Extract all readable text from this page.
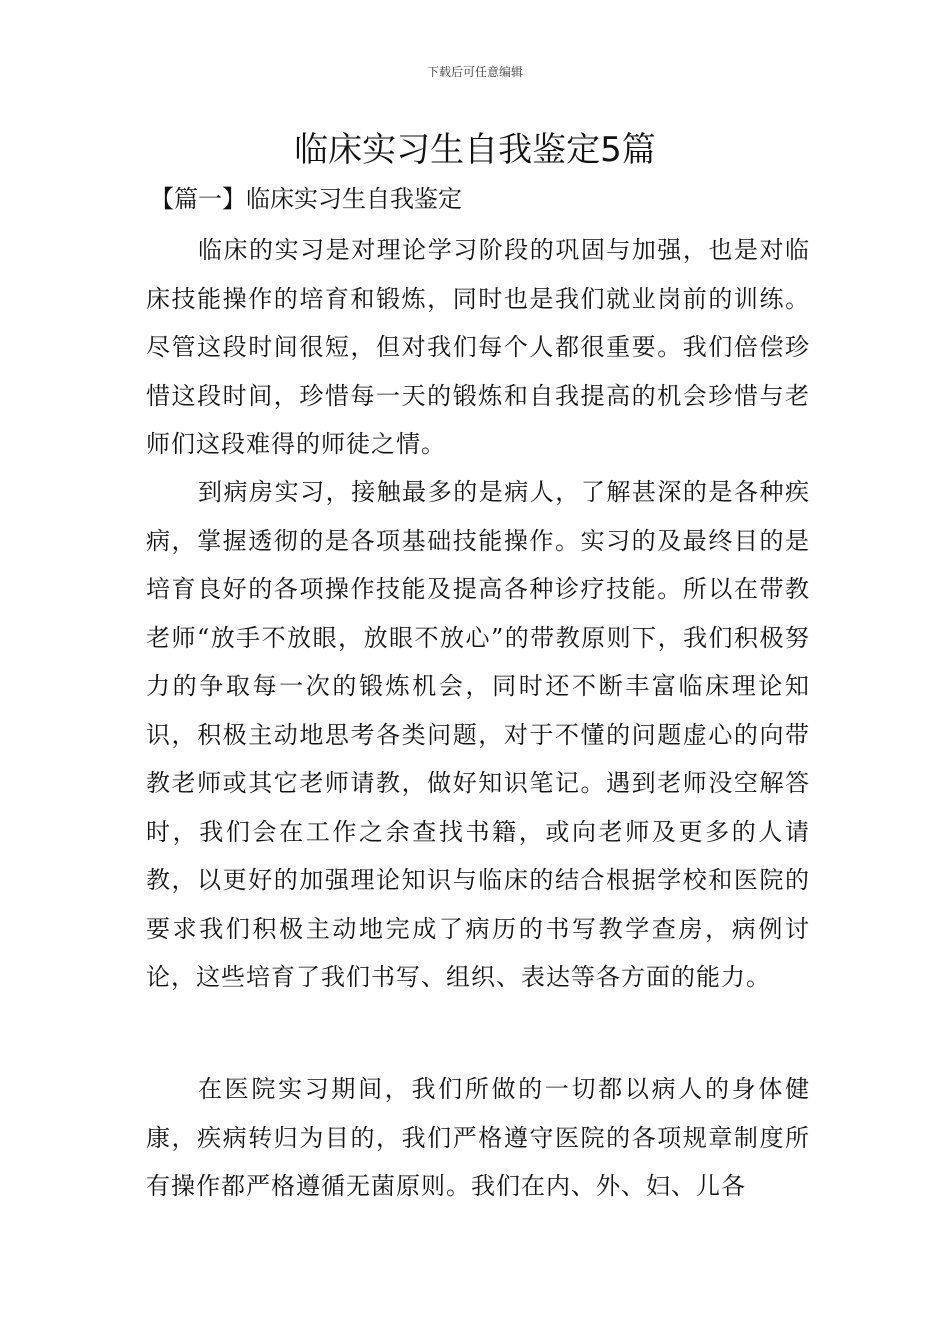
下载后可任意编辑
临床实习生自我鉴定5篇
【篇一】临床实习生自我鉴定

临床的实习是对理论学习阶段的巩固与加强，也是对临床技能操作的培育和锻炼，同时也是我们就业岗前的训练。尽管这段时间很短，但对我们每个人都很重要。我们倍偿珍惜这段时间，珍惜每一天的锻炼和自我提高的机会珍惜与老师们这段难得的师徒之情。

到病房实习，接触最多的是病人，了解甚深的是各种疾病，掌握透彻的是各项基础技能操作。实习的及最终目的是培育良好的各项操作技能及提高各种诊疗技能。所以在带教老师“放手不放眼，放眼不放心”的带教原则下，我们积极努力的争取每一次的锻炼机会，同时还不断丰富临床理论知识，积极主动地思考各类问题，对于不懂的问题虚心的向带教老师或其它老师请教，做好知识笔记。遇到老师没空解答时，我们会在工作之余查找书籍，或向老师及更多的人请教，以更好的加强理论知识与临床的结合根据学校和医院的要求我们积极主动地完成了病历的书写教学查房，病例讨论，这些培育了我们书写、组织、表达等各方面的能力。

在医院实习期间，我们所做的一切都以病人的身体健康，疾病转归为目的，我们严格遵守医院的各项规章制度所有操作都严格遵循无菌原则。我们在内、外、妇、儿各
